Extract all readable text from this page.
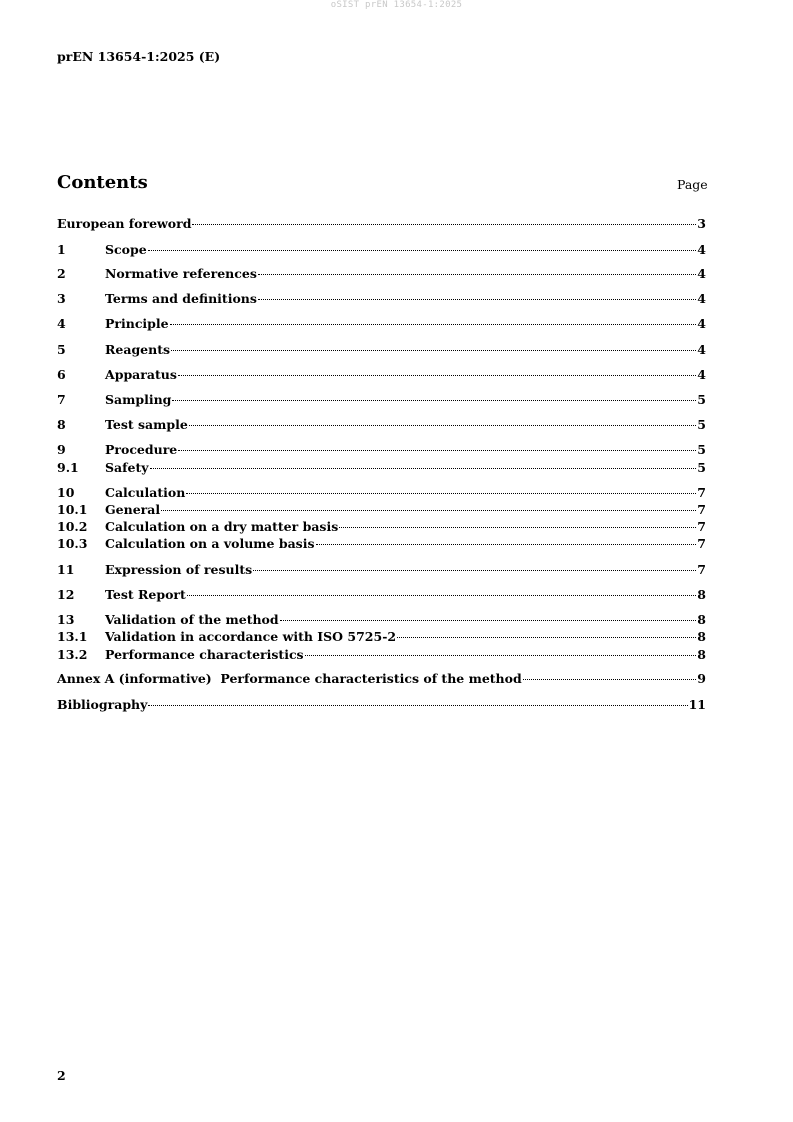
oSIST prEN 13654-1:2025
prEN 13654-1:2025 (E)
Contents	Page
European foreword	3
1	Scope	4
2	Normative references	4
3	Terms and definitions	4
4	Principle	4
5	Reagents	4
6	Apparatus	4
7	Sampling	5
8	Test sample	5
9	Procedure	5
9.1	Safety	5
10	Calculation	7
10.1	General	7
10.2	Calculation on a dry matter basis	7
10.3	Calculation on a volume basis	7
11	Expression of results	7
12	Test Report	8
13	Validation of the method	8
13.1	Validation in accordance with ISO 5725-2	8
13.2	Performance characteristics	8
Annex A (informative)  Performance characteristics of the method	9
Bibliography	11
2
